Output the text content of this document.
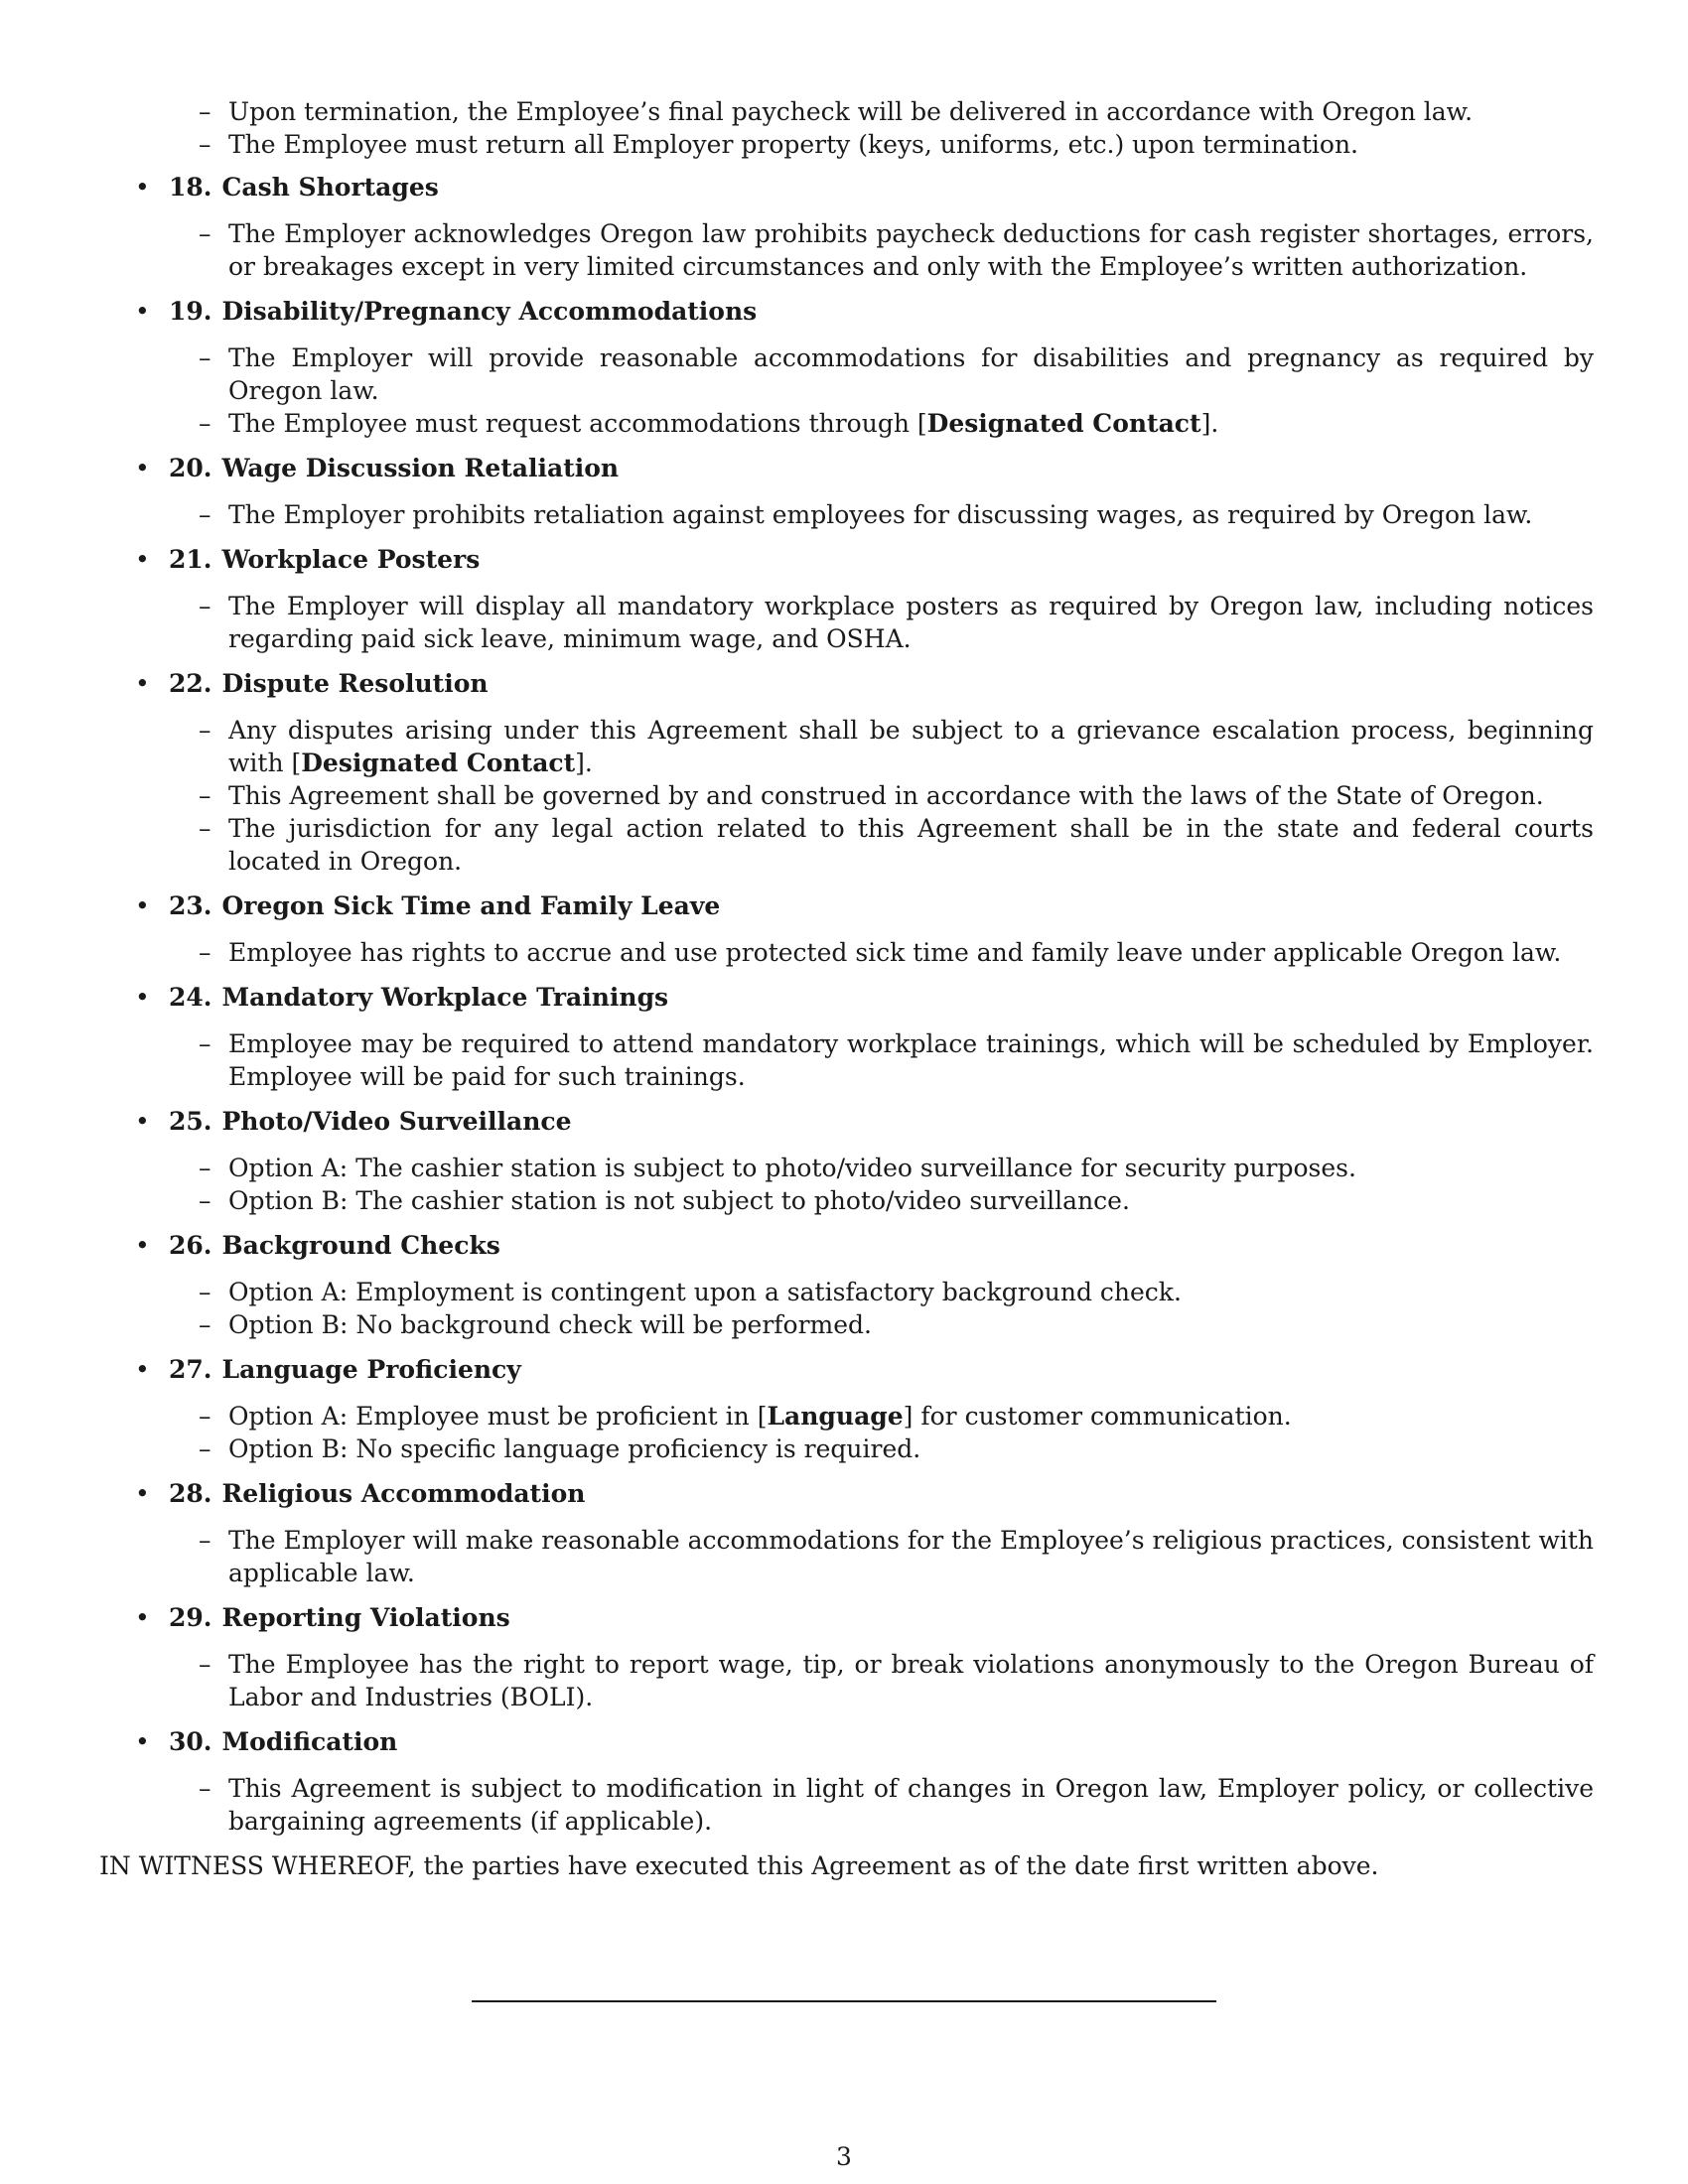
– Upon termination, the Employee’s final paycheck will be delivered in accordance with Oregon law.
– The Employee must return all Employer property (keys, uniforms, etc.) upon termination.
• 18. Cash Shortages
– The Employer acknowledges Oregon law prohibits paycheck deductions for cash register shortages, errors, or breakages except in very limited circumstances and only with the Employee’s written authorization.
• 19. Disability/Pregnancy Accommodations
– The Employer will provide reasonable accommodations for disabilities and pregnancy as required by Oregon law.
– The Employee must request accommodations through [Designated Contact].
• 20. Wage Discussion Retaliation
– The Employer prohibits retaliation against employees for discussing wages, as required by Oregon law.
• 21. Workplace Posters
– The Employer will display all mandatory workplace posters as required by Oregon law, including notices regarding paid sick leave, minimum wage, and OSHA.
• 22. Dispute Resolution
– Any disputes arising under this Agreement shall be subject to a grievance escalation process, beginning with [Designated Contact].
– This Agreement shall be governed by and construed in accordance with the laws of the State of Oregon.
– The jurisdiction for any legal action related to this Agreement shall be in the state and federal courts located in Oregon.
• 23. Oregon Sick Time and Family Leave
– Employee has rights to accrue and use protected sick time and family leave under applicable Oregon law.
• 24. Mandatory Workplace Trainings
– Employee may be required to attend mandatory workplace trainings, which will be scheduled by Employer. Employee will be paid for such trainings.
• 25. Photo/Video Surveillance
– Option A: The cashier station is subject to photo/video surveillance for security purposes.
– Option B: The cashier station is not subject to photo/video surveillance.
• 26. Background Checks
– Option A: Employment is contingent upon a satisfactory background check.
– Option B: No background check will be performed.
• 27. Language Proficiency
– Option A: Employee must be proficient in [Language] for customer communication.
– Option B: No specific language proficiency is required.
• 28. Religious Accommodation
– The Employer will make reasonable accommodations for the Employee’s religious practices, consistent with applicable law.
• 29. Reporting Violations
– The Employee has the right to report wage, tip, or break violations anonymously to the Oregon Bureau of Labor and Industries (BOLI).
• 30. Modification
– This Agreement is subject to modification in light of changes in Oregon law, Employer policy, or collective bargaining agreements (if applicable).
IN WITNESS WHEREOF, the parties have executed this Agreement as of the date first written above.
3
